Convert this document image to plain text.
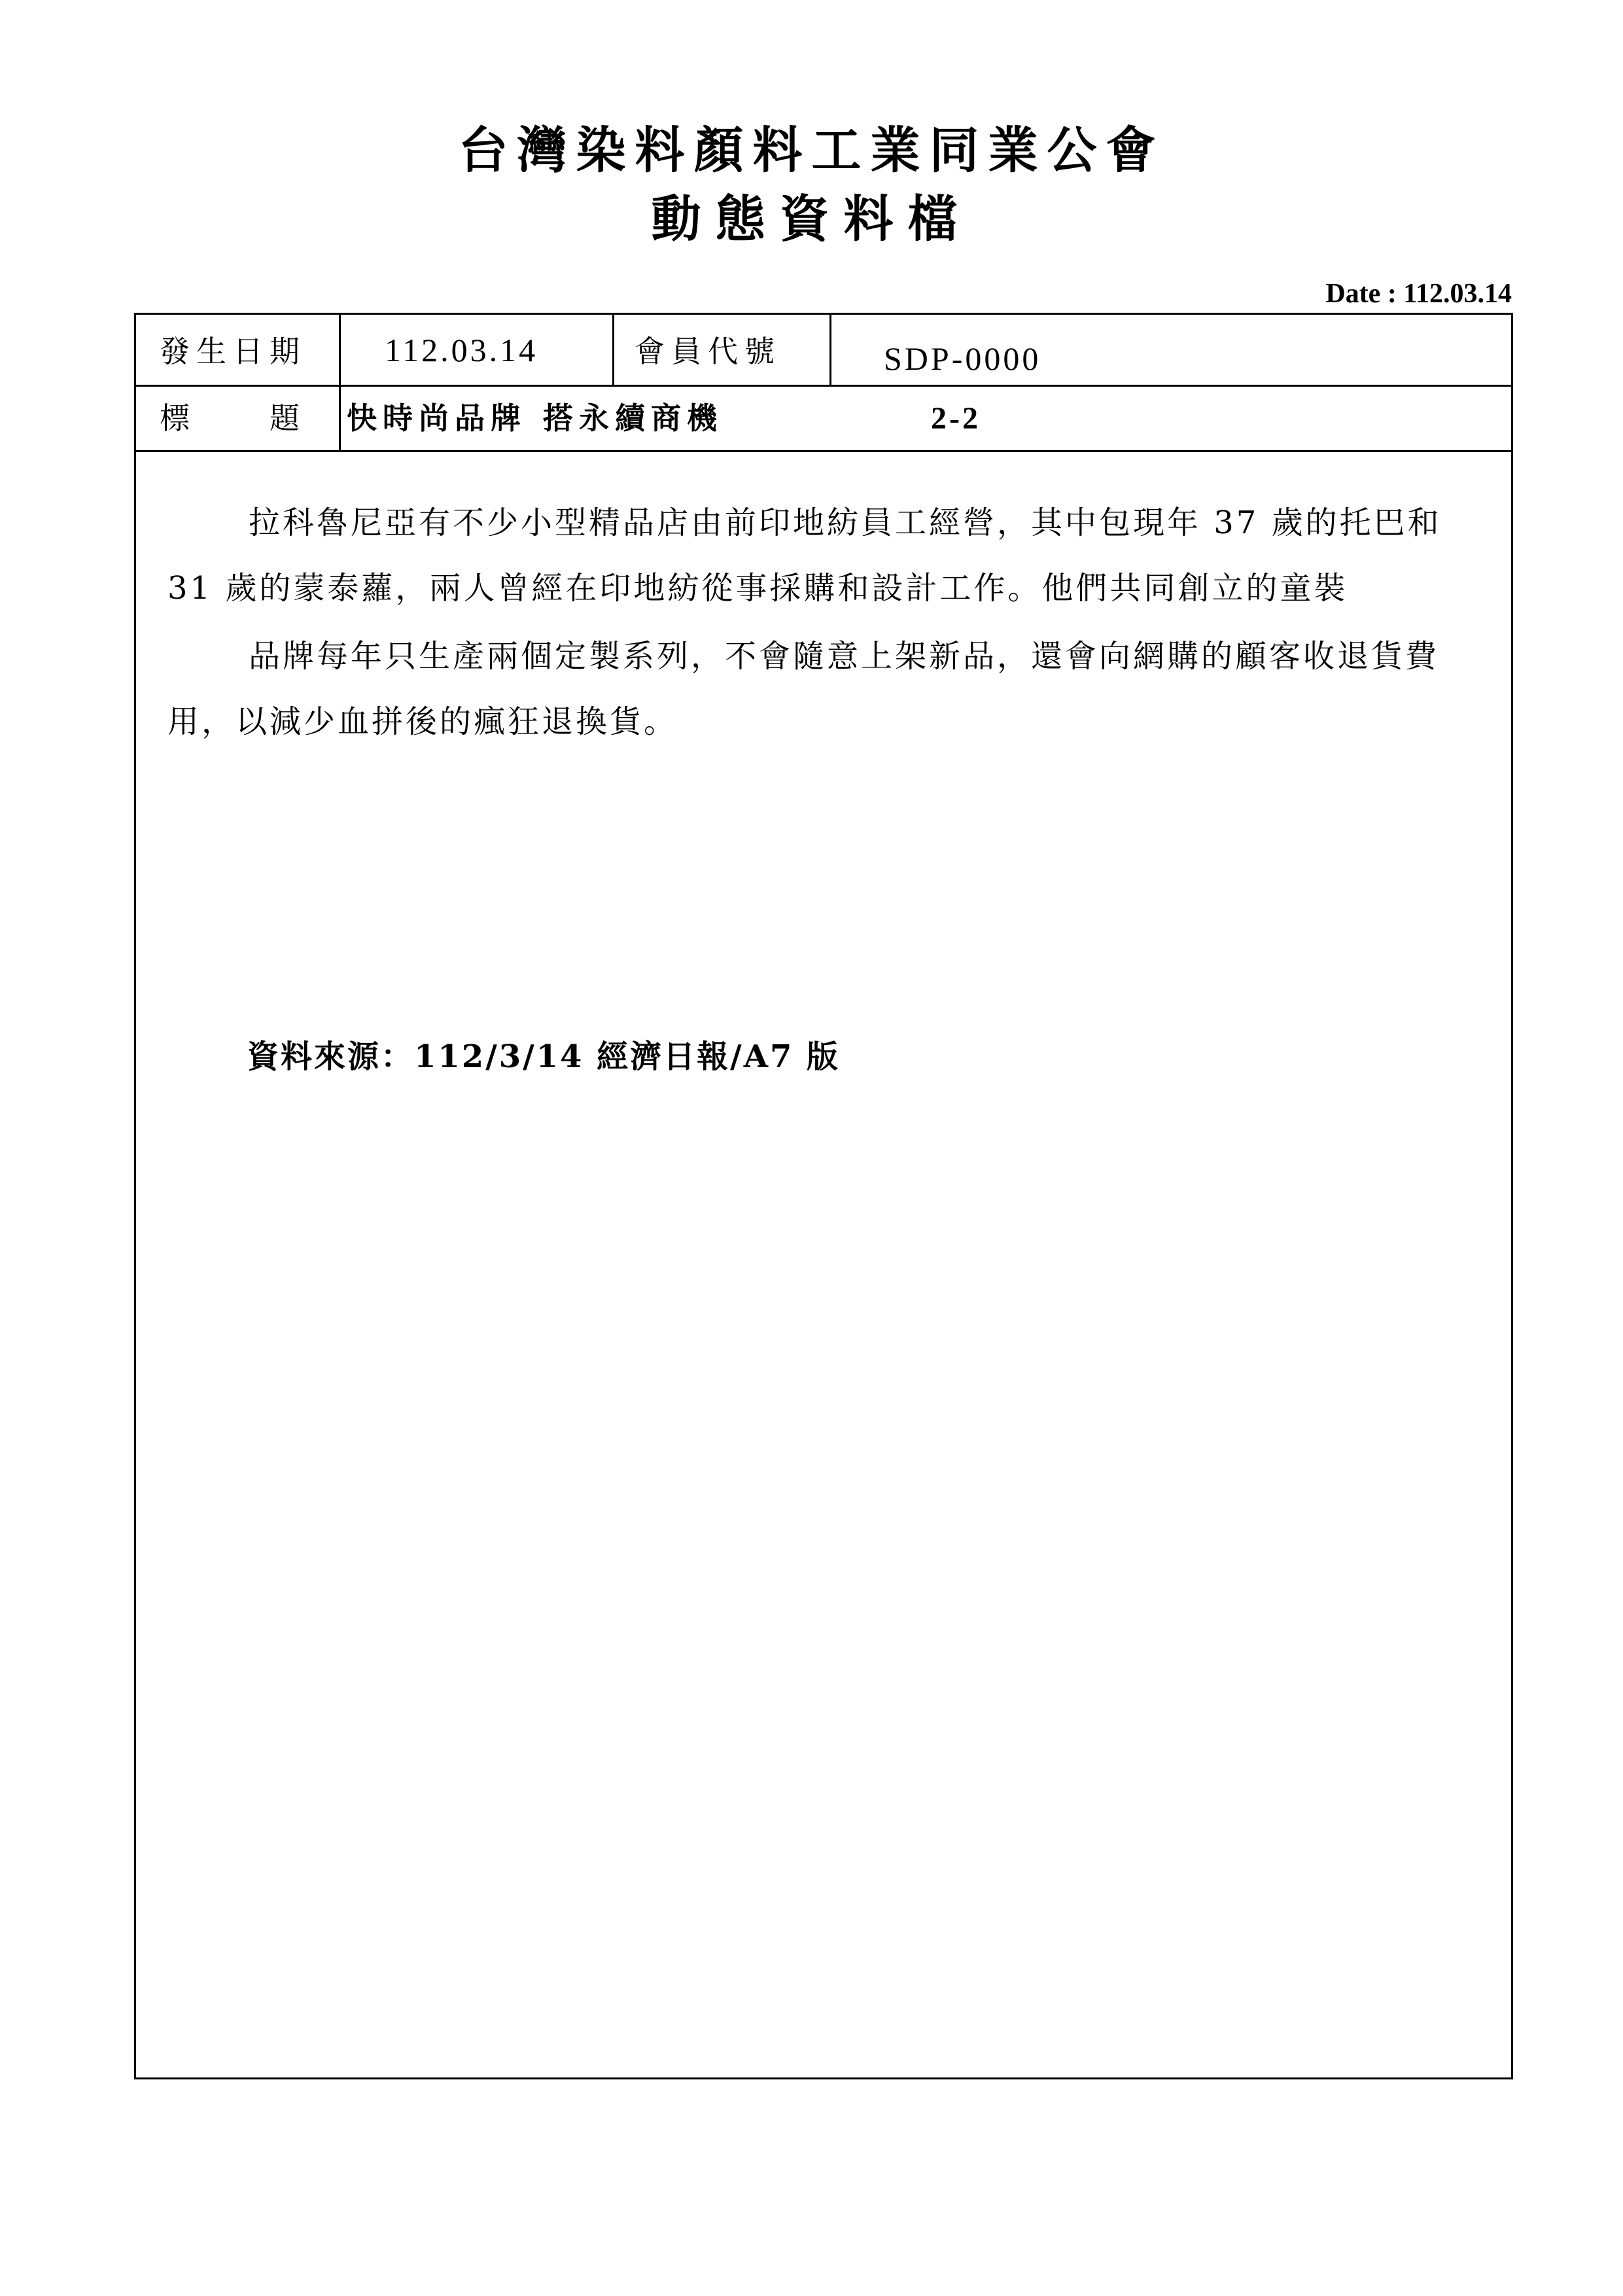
台灣染料顏料工業同業公會
動態資料檔
Date : 112.03.14
發生日期 112.03.14	會員代號	SDP-0000
標　　題 快時尚品牌 搭永續商機	2-2

拉科魯尼亞有不少小型精品店由前印地紡員工經營，其中包現年 37 歲的托巴和 31 歲的蒙泰蘿，兩人曾經在印地紡從事採購和設計工作。他們共同創立的童裝

品牌每年只生產兩個定製系列，不會隨意上架新品，還會向網購的顧客收退貨費用，以減少血拼後的瘋狂退換貨。

資料來源：112/3/14 經濟日報/A7 版
